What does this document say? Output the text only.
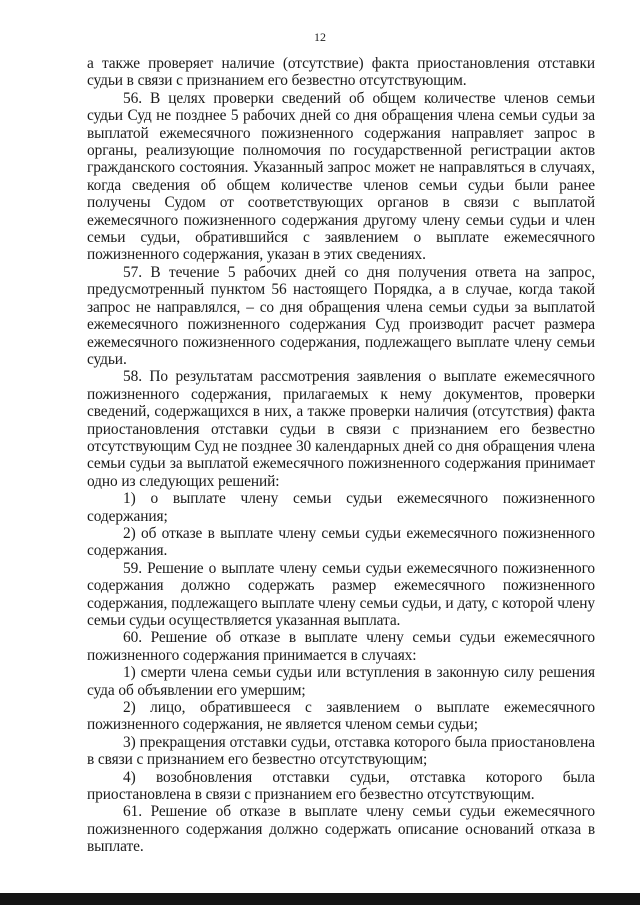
12

а также проверяет наличие (отсутствие) факта приостановления отставки судьи в связи с признанием его безвестно отсутствующим.

56. В целях проверки сведений об общем количестве членов семьи судьи Суд не позднее 5 рабочих дней со дня обращения члена семьи судьи за выплатой ежемесячного пожизненного содержания направляет запрос в органы, реализующие полномочия по государственной регистрации актов гражданского состояния. Указанный запрос может не направляться в случаях, когда сведения об общем количестве членов семьи судьи были ранее получены Судом от соответствующих органов в связи с выплатой ежемесячного пожизненного содержания другому члену семьи судьи и член семьи судьи, обратившийся с заявлением о выплате ежемесячного пожизненного содержания, указан в этих сведениях.

57. В течение 5 рабочих дней со дня получения ответа на запрос, предусмотренный пунктом 56 настоящего Порядка, а в случае, когда такой запрос не направлялся, – со дня обращения члена семьи судьи за выплатой ежемесячного пожизненного содержания Суд производит расчет размера ежемесячного пожизненного содержания, подлежащего выплате члену семьи судьи.

58. По результатам рассмотрения заявления о выплате ежемесячного пожизненного содержания, прилагаемых к нему документов, проверки сведений, содержащихся в них, а также проверки наличия (отсутствия) факта приостановления отставки судьи в связи с признанием его безвестно отсутствующим Суд не позднее 30 календарных дней со дня обращения члена семьи судьи за выплатой ежемесячного пожизненного содержания принимает одно из следующих решений:

1) о выплате члену семьи судьи ежемесячного пожизненного содержания;

2) об отказе в выплате члену семьи судьи ежемесячного пожизненного содержания.

59. Решение о выплате члену семьи судьи ежемесячного пожизненного содержания должно содержать размер ежемесячного пожизненного содержания, подлежащего выплате члену семьи судьи, и дату, с которой члену семьи судьи осуществляется указанная выплата.

60. Решение об отказе в выплате члену семьи судьи ежемесячного пожизненного содержания принимается в случаях:

1) смерти члена семьи судьи или вступления в законную силу решения суда об объявлении его умершим;

2) лицо, обратившееся с заявлением о выплате ежемесячного пожизненного содержания, не является членом семьи судьи;

3) прекращения отставки судьи, отставка которого была приостановлена в связи с признанием его безвестно отсутствующим;

4) возобновления отставки судьи, отставка которого была приостановлена в связи с признанием его безвестно отсутствующим.

61. Решение об отказе в выплате члену семьи судьи ежемесячного пожизненного содержания должно содержать описание оснований отказа в выплате.
